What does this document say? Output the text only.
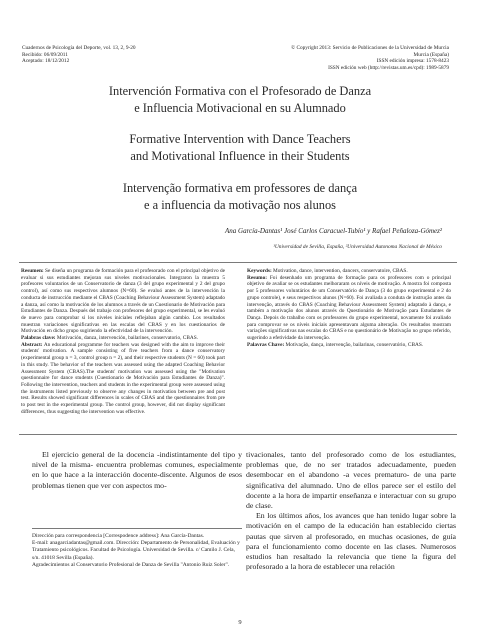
Cuadernos de Psicología del Deporte, vol. 13, 2, 9-20
Recibido: 06/09/2011
Aceptado: 18/12/2012
© Copyright 2013: Servicio de Publicaciones de la Universidad de Murcia
Murcia (España)
ISSN edición impresa: 1578-8423
ISSN edición web (http://revistas.um.es/cpd): 1989-5879
Intervención Formativa con el Profesorado de Danza
e Influencia Motivacional en su Alumnado
Formative Intervention with Dance Teachers
and Motivational Influence in their Students
Intervenção formativa em professores de dança
e a influencia da motivação nos alunos
Ana García-Dantas¹ José Carlos Caracuel-Tubío¹ y Rafael Peñaloza-Gómez²
¹Universidad de Sevilla, España, ²Universidad Autonoma Nacional de México

Resumen: Se diseña un programa de formación para el profesorado con el principal objetivo de evaluar si sus estudiantes mejoran sus niveles motivacionales. Integraron la muestra 5 profesores voluntarios de un Conservatorio de danza (3 del grupo experimental y 2 del grupo control), así como sus respectivos alumnos (N=60). Se evaluó antes de la intervención la conducta de instrucción mediante el CBAS (Coaching Behaviour Assessment System) adaptado a danza, así como la motivación de los alumnos a través de un Cuestionario de Motivación para Estudiantes de Danza. Después del trabajo con profesores del grupo experimental, se les evaluó de nuevo para comprobar si los niveles iniciales reflejaban algún cambio. Los resultados muestran variaciones significativas en las escalas del CBAS y en los cuestionarios de Motivación en dicho grupo sugiriendo la efectividad de la intervención.

Palabras clave: Motivación, danza, intervención, bailarines, conservatorio, CBAS.

Abstract: An educational programme for teachers was designed with the aim to improve their students' motivation. A sample consisting of five teachers from a dance conservatory (experimental group n = 3, control group n = 2), and their respective students (N = 60) took part in this study. The behavior of the teachers was assessed using the adapted Coaching Behavior Assessment System (CBAS).The students' motivation was assessed using the "Motivation questionnaire for dance students (Cuestionario de Motivación para Estudiantes de Danza)". Following the intervention, teachers and students in the experimental group were assessed using the instruments listed previously to observe any changes in motivation between pre and post test. Results showed significant differences in scales of CBAS and the questionnaires from pre to post test in the experimental group. The control group, however, did not display significant differences, thus suggesting the intervention was effective.

Keywords: Motivation, dance, intervention, dancers, conservatoire, CBAS.

Resumo: Foi desenhado um programa de formação para os professores com o principal objetivo de avaliar se os estudantes melhoraram os níveis de motivação. A mostra foi composta por 5 professores voluntários de um Conservatório de Dança (3 do grupo experimental e 2 do grupo controle), e seus respectivos alunos (N=60). Foi avaliada a conduta de instrução antes da intervenção, através do CBAS (Coaching Behaviour Assessment System) adaptado à dança, e também a motivação dos alunos através do Questionário de Motivação para Estudantes de Dança. Depois do trabalho com os professores do grupo experimental, novamente foi avaliado para comprovar se os níveis iniciais apresentavam alguma alteração. Os resultados mostram variações significativas nas escalas do CBAS e no questionário de Motivação no grupo referido, sugerindo a efetividade da intervenção.

Palavras Chave: Motivação, dança, intervenção, bailarinas, conservatório, CBAS.

El ejercicio general de la docencia -indistintamente del tipo y nivel de la misma- encuentra problemas comunes, especialmente en lo que hace a la interacción docente-discente. Algunos de esos problemas tienen que ver con aspectos mo-

tivacionales, tanto del profesorado como de los estudiantes, problemas que, de no ser tratados adecuadamente, pueden desembocar en el abandono -a veces prematuro- de una parte significativa del alumnado. Uno de ellos parece ser el estilo del docente a la hora de impartir enseñanza e interactuar con su grupo de clase.

En los últimos años, los avances que han tenido lugar sobre la motivación en el campo de la educación han establecido ciertas pautas que sirven al profesorado, en muchas ocasiones, de guía para el funcionamiento como docente en las clases. Numerosos estudios han resaltado la relevancia que tiene la figura del profesorado a la hora de establecer una relación

Dirección para correspondencia [Correspodence address]: Ana García-Dantas.

E-mail: anagarciadantas@gmail.com. Dirección: Departamento de Personalidad, Evaluación y Tratamiento psicológicos. Facultad de Psicología. Universidad de Sevilla. c/ Camilo J. Cela, s/n. 41018 Sevilla (España).

Agradecimientos al Conservatorio Profesional de Danza de Sevilla "Antonio Ruiz Soler".

9
